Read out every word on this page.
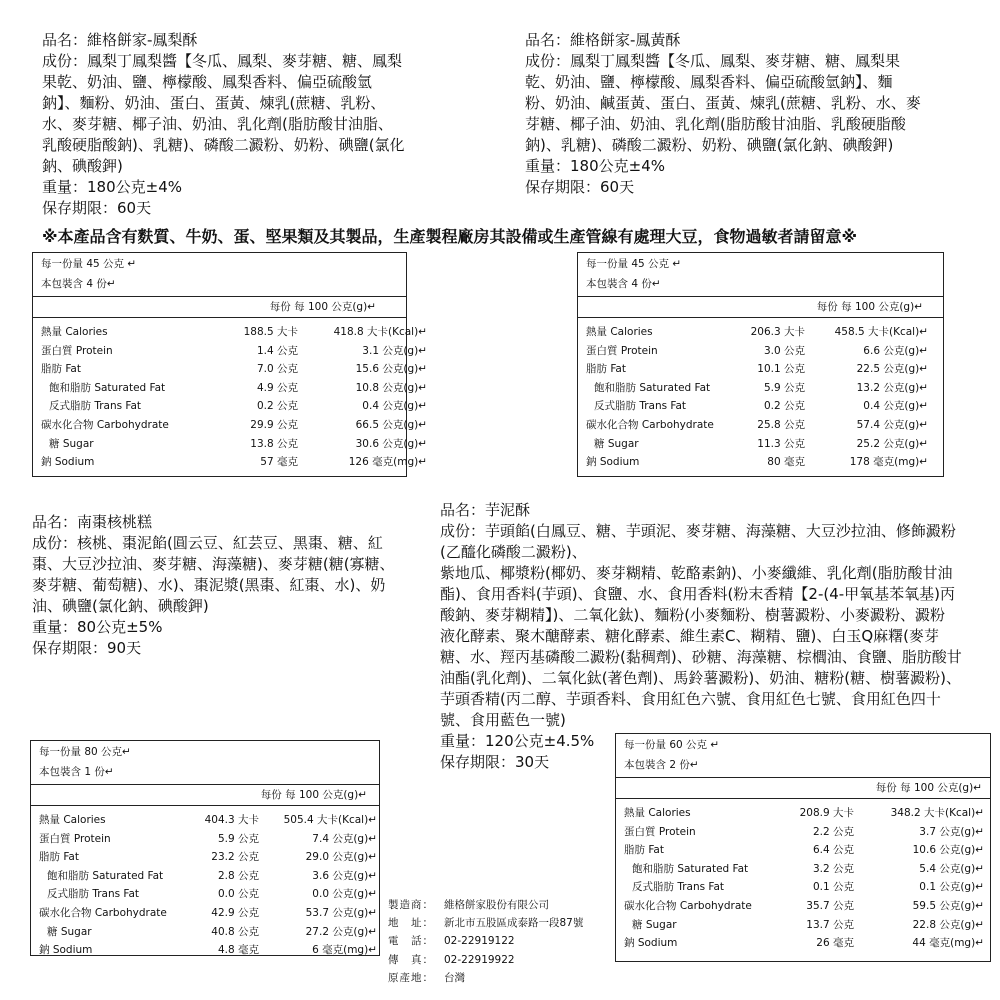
品名：維格餅家-鳳梨酥
成份：鳳梨丁鳳梨醬【冬瓜、鳳梨、麥芽糖、糖、鳳梨
果乾、奶油、鹽、檸檬酸、鳳梨香料、偏亞硫酸氫
鈉】、麵粉、奶油、蛋白、蛋黃、煉乳(蔗糖、乳粉、
水、麥芽糖、椰子油、奶油、乳化劑(脂肪酸甘油脂、
乳酸硬脂酸鈉)、乳糖)、磷酸二澱粉、奶粉、碘鹽(氯化
鈉、碘酸鉀)
重量：180公克±4%
保存期限：60天
品名：維格餅家-鳳黃酥
成份：鳳梨丁鳳梨醬【冬瓜、鳳梨、麥芽糖、糖、鳳梨果
乾、奶油、鹽、檸檬酸、鳳梨香料、偏亞硫酸氫鈉】、麵
粉、奶油、鹹蛋黃、蛋白、蛋黃、煉乳(蔗糖、乳粉、水、麥
芽糖、椰子油、奶油、乳化劑(脂肪酸甘油脂、乳酸硬脂酸
鈉)、乳糖)、磷酸二澱粉、奶粉、碘鹽(氯化鈉、碘酸鉀)
重量：180公克±4%
保存期限：60天
※本產品含有麩質、牛奶、蛋、堅果類及其製品，生產製程廠房其設備或生產管線有處理大豆，食物過敏者請留意※
每一份量 45 公克 ↵
本包裝含 4 份↵
每份 每 100 公克(g)↵
熱量 Calories	188.5 大卡	418.8 大卡(Kcal)↵
蛋白質 Protein	1.4 公克	3.1 公克(g)↵
脂肪 Fat	7.0 公克	15.6 公克(g)↵
飽和脂肪 Saturated Fat	4.9 公克	10.8 公克(g)↵
反式脂肪 Trans Fat	0.2 公克	0.4 公克(g)↵
碳水化合物 Carbohydrate	29.9 公克	66.5 公克(g)↵
糖 Sugar	13.8 公克	30.6 公克(g)↵
鈉 Sodium	57 毫克	126 毫克(mg)↵
每一份量 45 公克 ↵
本包裝含 4 份↵
每份 每 100 公克(g)↵
熱量 Calories	206.3 大卡	458.5 大卡(Kcal)↵
蛋白質 Protein	3.0 公克	6.6 公克(g)↵
脂肪 Fat	10.1 公克	22.5 公克(g)↵
飽和脂肪 Saturated Fat	5.9 公克	13.2 公克(g)↵
反式脂肪 Trans Fat	0.2 公克	0.4 公克(g)↵
碳水化合物 Carbohydrate	25.8 公克	57.4 公克(g)↵
糖 Sugar	11.3 公克	25.2 公克(g)↵
鈉 Sodium	80 毫克	178 毫克(mg)↵
品名：南棗核桃糕
成份：核桃、棗泥餡(圓云豆、紅芸豆、黑棗、糖、紅
棗、大豆沙拉油、麥芽糖、海藻糖)、麥芽糖(糖(寡糖、
麥芽糖、葡萄糖)、水)、棗泥漿(黑棗、紅棗、水)、奶
油、碘鹽(氯化鈉、碘酸鉀)
重量：80公克±5%
保存期限：90天
品名：芋泥酥
成份：芋頭餡(白鳳豆、糖、芋頭泥、麥芽糖、海藻糖、大豆沙拉油、修飾澱粉
(乙醯化磷酸二澱粉)、
紫地瓜、椰漿粉(椰奶、麥芽糊精、乾酪素鈉)、小麥纖維、乳化劑(脂肪酸甘油
酯)、食用香料(芋頭)、食鹽、水、食用香料(粉末香精【2-(4-甲氧基苯氧基)丙
酸鈉、麥芽糊精】)、二氧化鈦)、麵粉(小麥麵粉、樹薯澱粉、小麥澱粉、澱粉
液化酵素、聚木醣酵素、糖化酵素、維生素C、糊精、鹽)、白玉Q麻糬(麥芽
糖、水、羥丙基磷酸二澱粉(黏稠劑)、砂糖、海藻糖、棕櫚油、食鹽、脂肪酸甘
油酯(乳化劑)、二氧化鈦(著色劑)、馬鈴薯澱粉)、奶油、糖粉(糖、樹薯澱粉)、
芋頭香精(丙二醇、芋頭香料、食用紅色六號、食用紅色七號、食用紅色四十
號、食用藍色一號)
重量：120公克±4.5%
保存期限：30天
每一份量 80 公克↵
本包裝含 1 份↵
每份 每 100 公克(g)↵
熱量 Calories	404.3 大卡 505.4 大卡(Kcal)↵
蛋白質 Protein	5.9 公克	7.4 公克(g)↵
脂肪 Fat	23.2 公克	29.0 公克(g)↵
飽和脂肪 Saturated Fat	2.8 公克	3.6 公克(g)↵
反式脂肪 Trans Fat	0.0 公克	0.0 公克(g)↵
碳水化合物 Carbohydrate	42.9 公克	53.7 公克(g)↵
糖 Sugar	40.8 公克	27.2 公克(g)↵
鈉 Sodium	4.8 毫克	6 毫克(mg)↵
製造商： 維格餅家股份有限公司
地　址： 新北市五股區成泰路一段87號
電　話： 02-22919122
傳　真： 02-22919922
原產地： 台灣
每一份量 60 公克 ↵
本包裝含 2 份↵
每份 每 100 公克(g)↵
熱量 Calories	208.9 大卡	348.2 大卡(Kcal)↵
蛋白質 Protein	2.2 公克	3.7 公克(g)↵
脂肪 Fat	6.4 公克	10.6 公克(g)↵
飽和脂肪 Saturated Fat	3.2 公克	5.4 公克(g)↵
反式脂肪 Trans Fat	0.1 公克	0.1 公克(g)↵
碳水化合物 Carbohydrate	35.7 公克	59.5 公克(g)↵
糖 Sugar	13.7 公克	22.8 公克(g)↵
鈉 Sodium	26 毫克	44 毫克(mg)↵
